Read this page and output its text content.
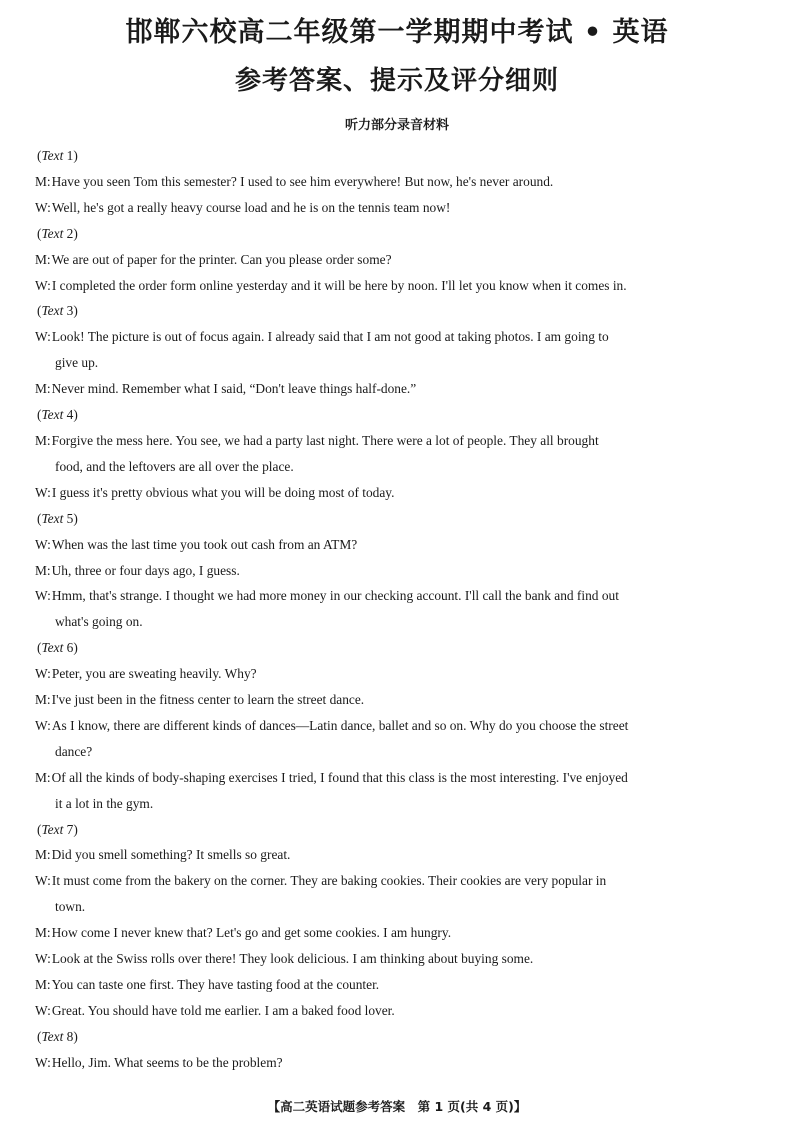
邯郸六校高二年级第一学期期中考试 • 英语
参考答案、提示及评分细则
听力部分录音材料
(Text 1)
M:Have you seen Tom this semester? I used to see him everywhere! But now, he's never around.
W:Well, he's got a really heavy course load and he is on the tennis team now!
(Text 2)
M:We are out of paper for the printer. Can you please order some?
W:I completed the order form online yesterday and it will be here by noon. I'll let you know when it comes in.
(Text 3)
W:Look! The picture is out of focus again. I already said that I am not good at taking photos. I am going to
give up.
M:Never mind. Remember what I said, “Don't leave things half-done.”
(Text 4)
M:Forgive the mess here. You see, we had a party last night. There were a lot of people. They all brought
food, and the leftovers are all over the place.
W:I guess it's pretty obvious what you will be doing most of today.
(Text 5)
W:When was the last time you took out cash from an ATM?
M:Uh, three or four days ago, I guess.
W:Hmm, that's strange. I thought we had more money in our checking account. I'll call the bank and find out
what's going on.
(Text 6)
W:Peter, you are sweating heavily. Why?
M:I've just been in the fitness center to learn the street dance.
W:As I know, there are different kinds of dances—Latin dance, ballet and so on. Why do you choose the street
dance?
M:Of all the kinds of body-shaping exercises I tried, I found that this class is the most interesting. I've enjoyed
it a lot in the gym.
(Text 7)
M:Did you smell something? It smells so great.
W:It must come from the bakery on the corner. They are baking cookies. Their cookies are very popular in
town.
M:How come I never knew that? Let's go and get some cookies. I am hungry.
W:Look at the Swiss rolls over there! They look delicious. I am thinking about buying some.
M:You can taste one first. They have tasting food at the counter.
W:Great. You should have told me earlier. I am a baked food lover.
(Text 8)
W:Hello, Jim. What seems to be the problem?
【高二英语试题参考答案　第 1 页(共 4 页)】
